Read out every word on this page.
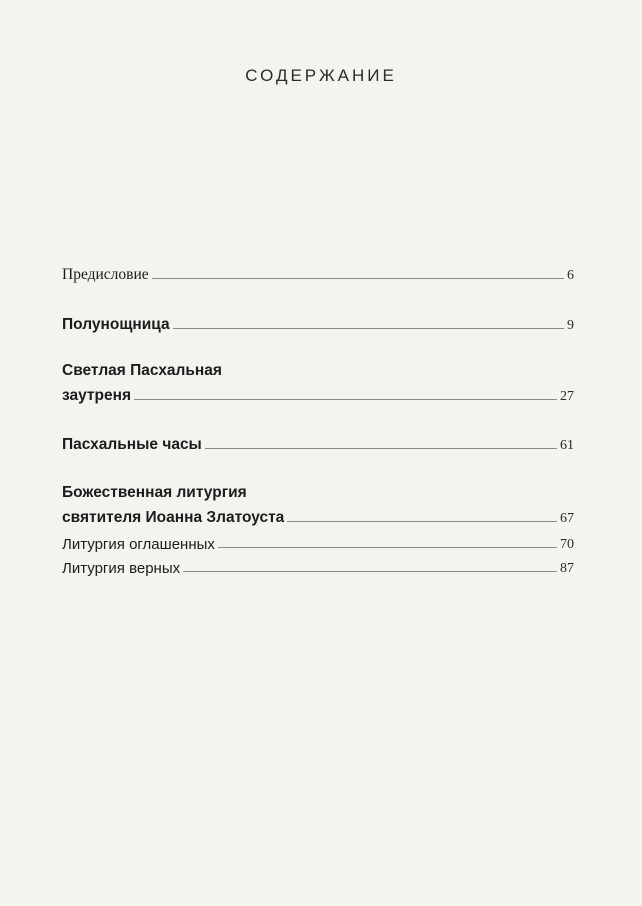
СОДЕРЖАНИЕ
Предисловие	6
Полунощница	9
Светлая Пасхальная
заутреня	27
Пасхальные часы	61
Божественная литургия
святителя Иоанна Златоуста	67
Литургия оглашенных	70
Литургия верных	87
